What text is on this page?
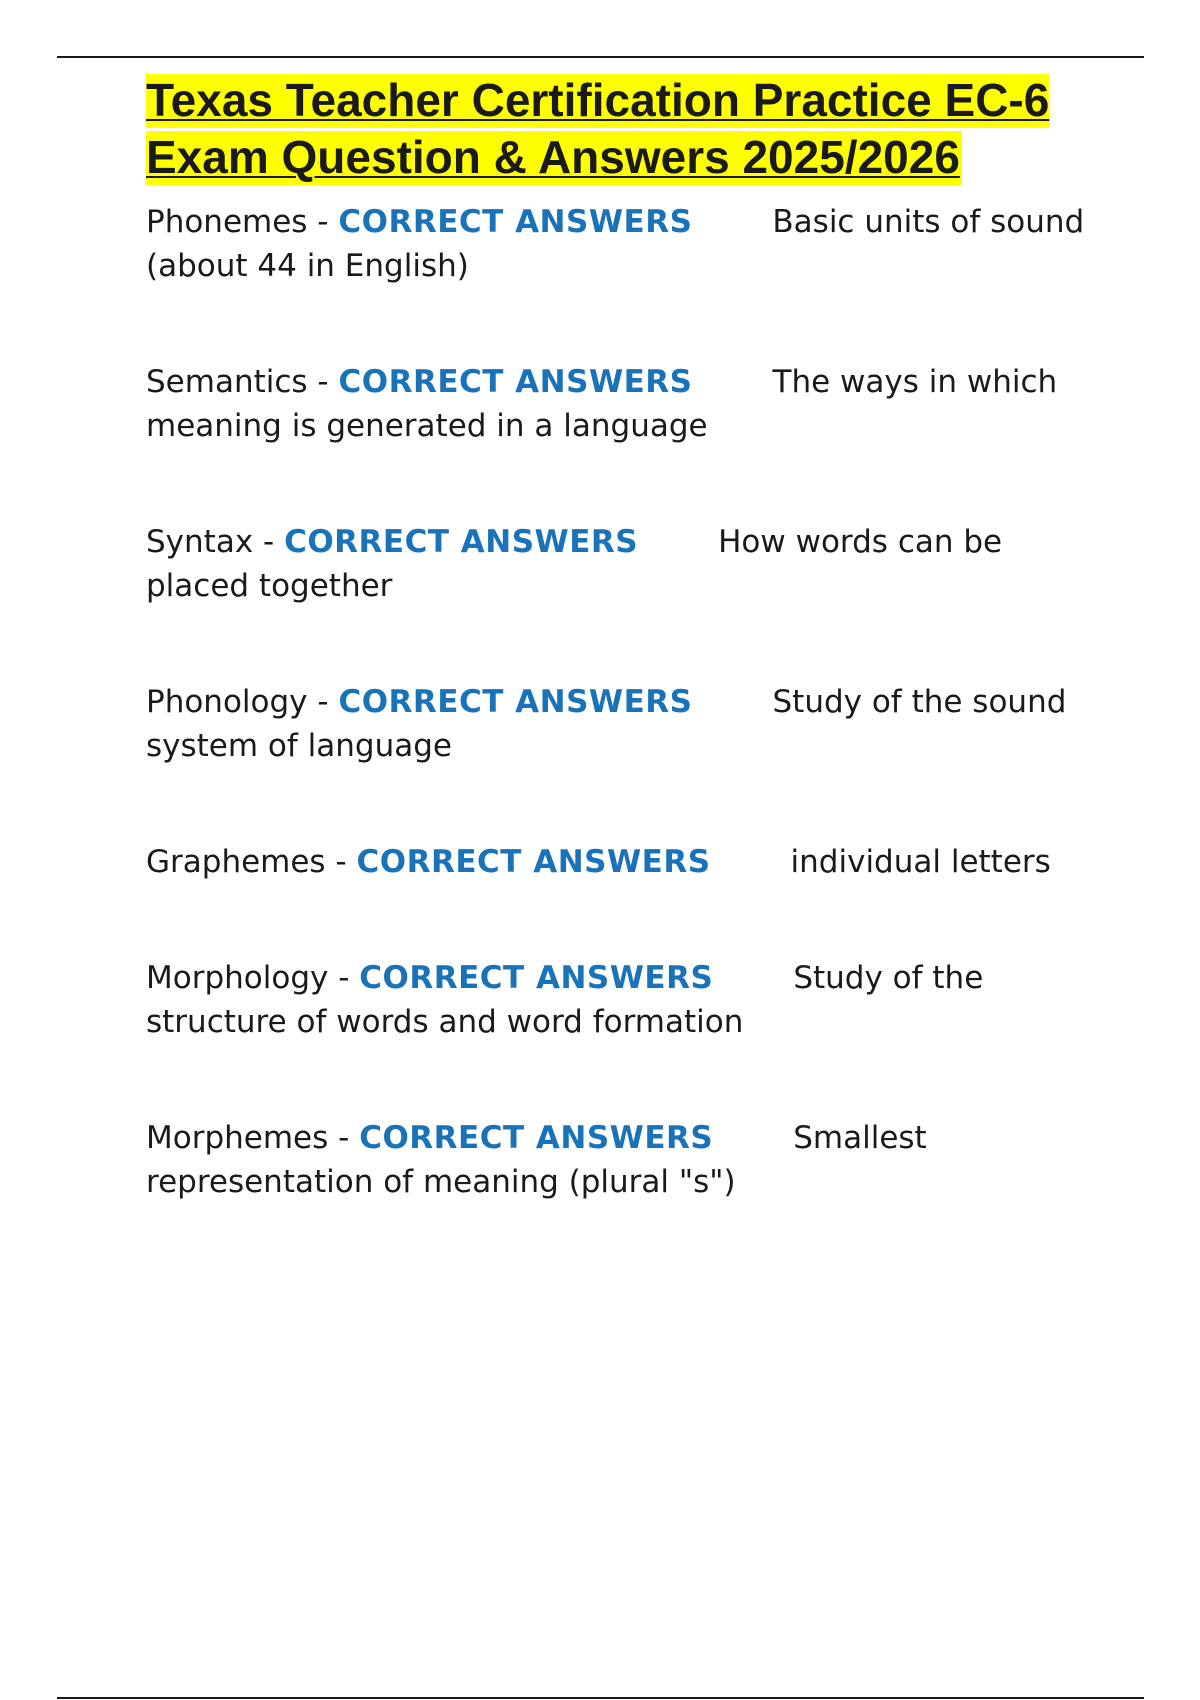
Texas Teacher Certification Practice EC-6 Exam Question & Answers 2025/2026

Phonemes - CORRECT ANSWERS	Basic units of sound (about 44 in English)

Semantics - CORRECT ANSWERS	The ways in which meaning is generated in a language

Syntax - CORRECT ANSWERS	How words can be placed together

Phonology - CORRECT ANSWERS	Study of the sound system of language

Graphemes - CORRECT ANSWERS	individual letters

Morphology - CORRECT ANSWERS	Study of the structure of words and word formation

Morphemes - CORRECT ANSWERS	Smallest representation of meaning (plural "s")
